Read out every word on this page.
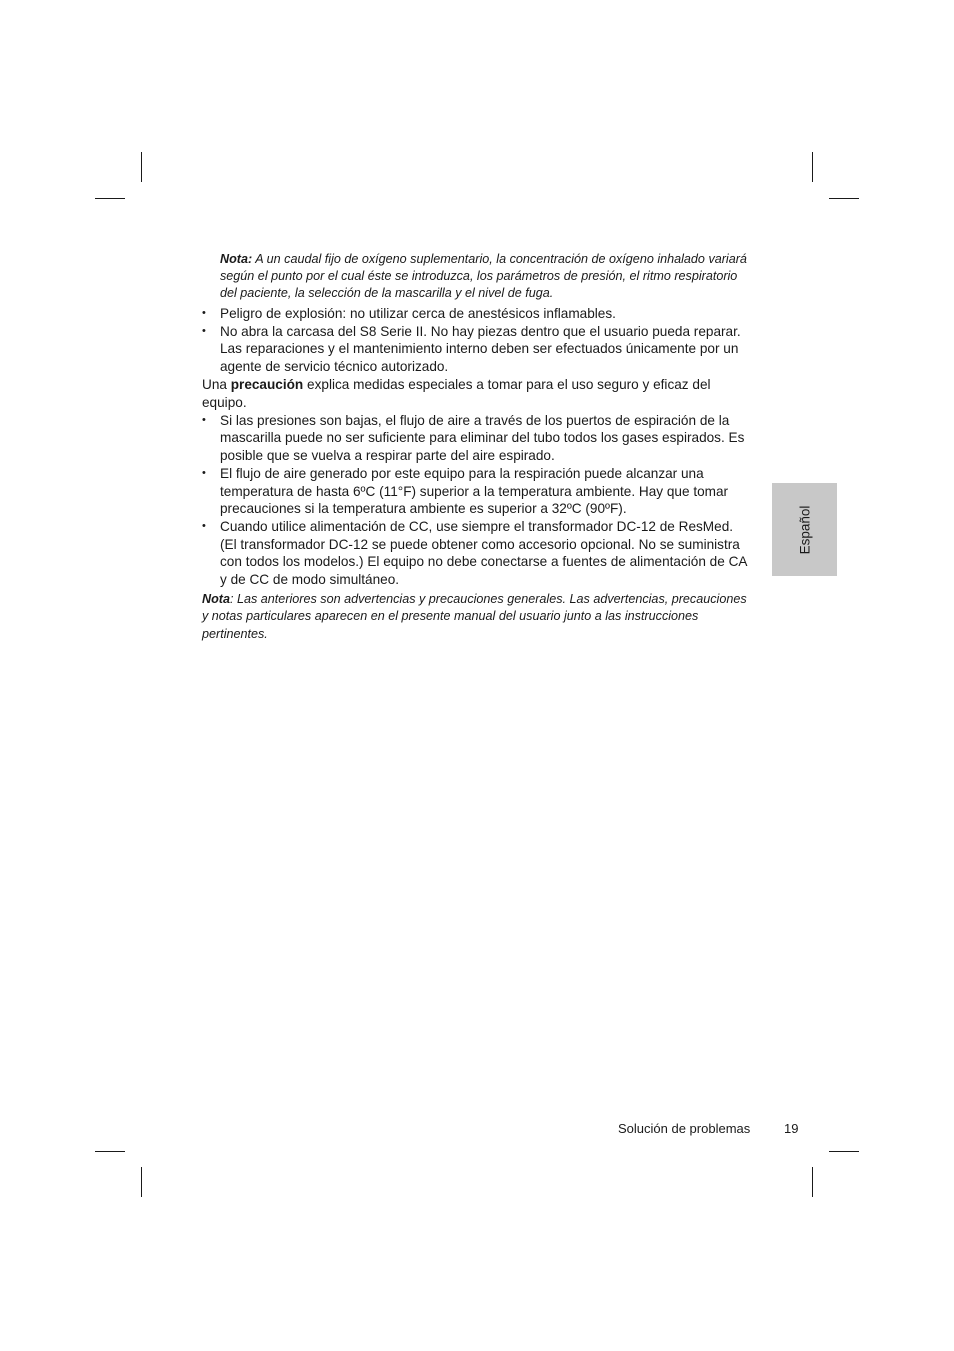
Nota: A un caudal fijo de oxígeno suplementario, la concentración de oxígeno inhalado variará según el punto por el cual éste se introduzca, los parámetros de presión, el ritmo respiratorio del paciente, la selección de la mascarilla y el nivel de fuga.
• Peligro de explosión: no utilizar cerca de anestésicos inflamables.
• No abra la carcasa del S8 Serie II. No hay piezas dentro que el usuario pueda reparar. Las reparaciones y el mantenimiento interno deben ser efectuados únicamente por un agente de servicio técnico autorizado.

Una precaución explica medidas especiales a tomar para el uso seguro y eficaz del equipo.

• Si las presiones son bajas, el flujo de aire a través de los puertos de espiración de la mascarilla puede no ser suficiente para eliminar del tubo todos los gases espirados. Es posible que se vuelva a respirar parte del aire espirado.
• El flujo de aire generado por este equipo para la respiración puede alcanzar una temperatura de hasta 6ºC (11°F) superior a la temperatura ambiente. Hay que tomar precauciones si la temperatura ambiente es superior a 32ºC (90ºF).
• Cuando utilice alimentación de CC, use siempre el transformador DC-12 de ResMed. (El transformador DC-12 se puede obtener como accesorio opcional. No se suministra con todos los modelos.) El equipo no debe conectarse a fuentes de alimentación de CA y de CC de modo simultáneo.
Nota: Las anteriores son advertencias y precauciones generales. Las advertencias, precauciones y notas particulares aparecen en el presente manual del usuario junto a las instrucciones pertinentes.
Español
Solución de problemas	19
